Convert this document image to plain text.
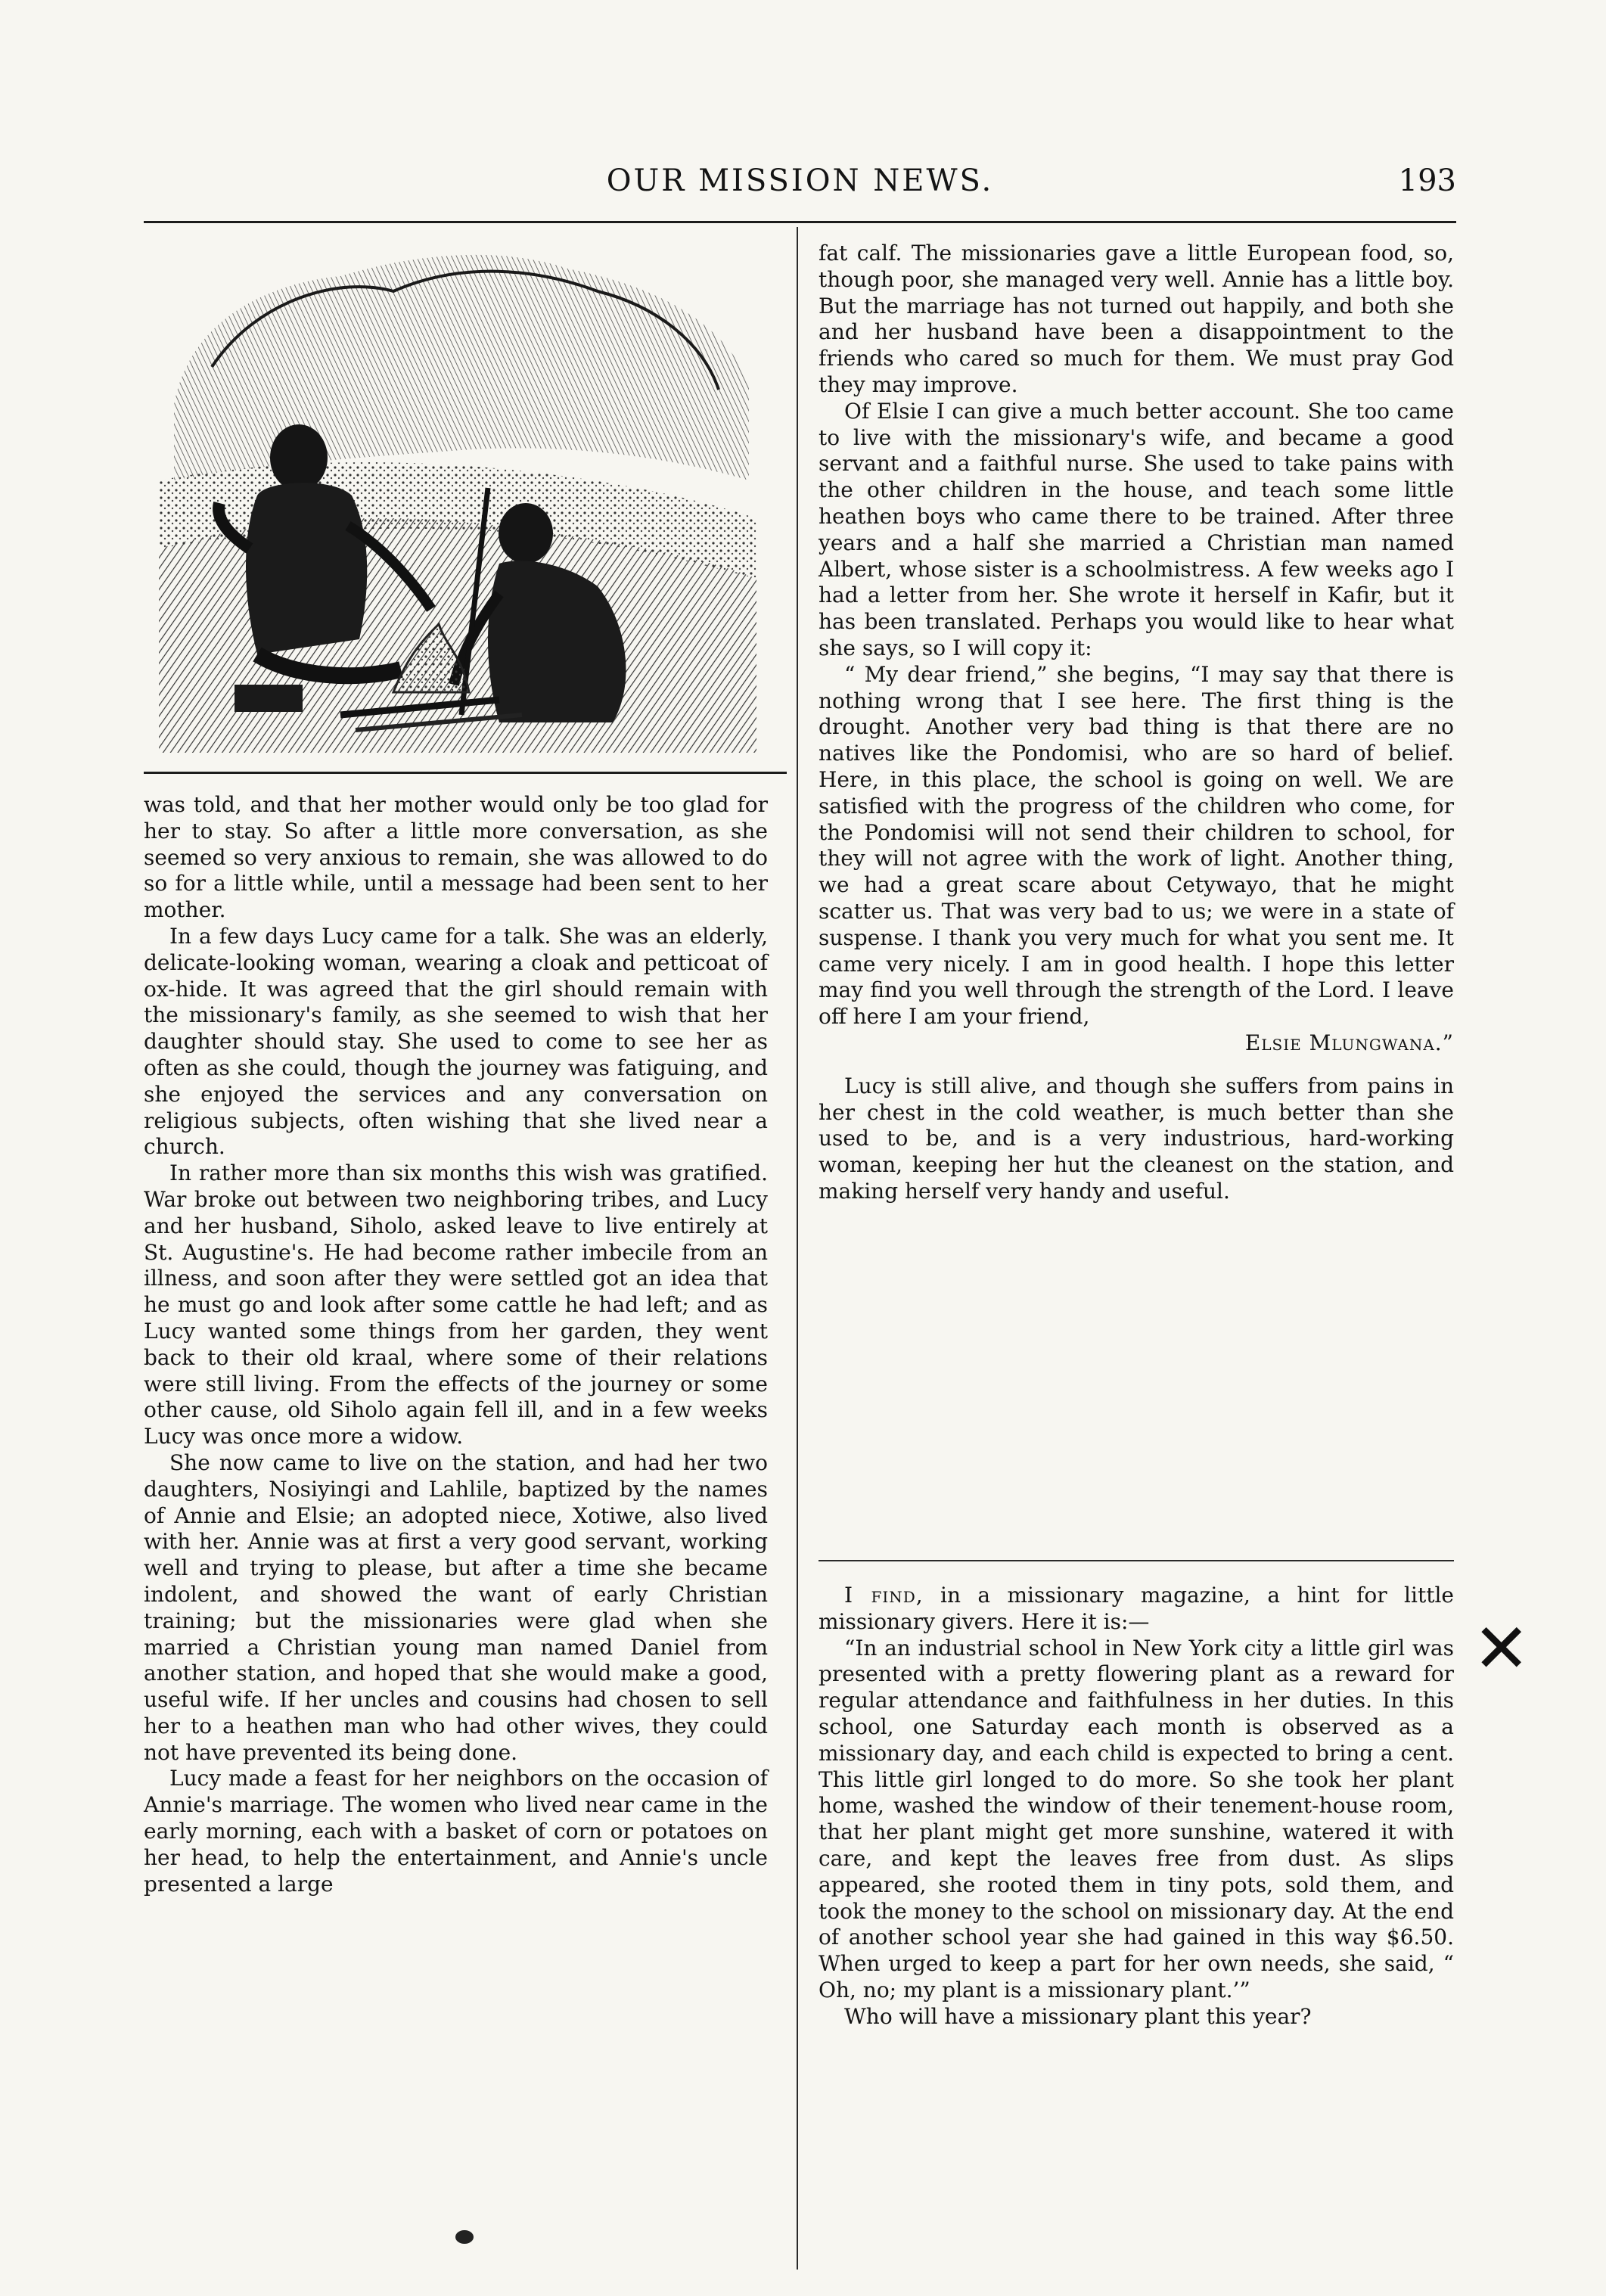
OUR MISSION NEWS.	193

was told, and that her mother would only be too glad for her to stay. So after a little more conversation, as she seemed so very anxious to remain, she was allowed to do so for a little while, until a message had been sent to her mother.

In a few days Lucy came for a talk. She was an elderly, delicate-looking woman, wearing a cloak and petticoat of ox-hide. It was agreed that the girl should remain with the missionary's family, as she seemed to wish that her daughter should stay. She used to come to see her as often as she could, though the journey was fatiguing, and she enjoyed the services and any conversation on religious subjects, often wishing that she lived near a church.

In rather more than six months this wish was gratified. War broke out between two neighboring tribes, and Lucy and her husband, Siholo, asked leave to live entirely at St. Augustine's. He had become rather imbecile from an illness, and soon after they were settled got an idea that he must go and look after some cattle he had left; and as Lucy wanted some things from her garden, they went back to their old kraal, where some of their relations were still living. From the effects of the journey or some other cause, old Siholo again fell ill, and in a few weeks Lucy was once more a widow.

She now came to live on the station, and had her two daughters, Nosiyingi and Lahlile, baptized by the names of Annie and Elsie; an adopted niece, Xotiwe, also lived with her. Annie was at first a very good servant, working well and trying to please, but after a time she became indolent, and showed the want of early Christian training; but the missionaries were glad when she married a Christian young man named Daniel from another station, and hoped that she would make a good, useful wife. If her uncles and cousins had chosen to sell her to a heathen man who had other wives, they could not have prevented its being done.

Lucy made a feast for her neighbors on the occasion of Annie's marriage. The women who lived near came in the early morning, each with a basket of corn or potatoes on her head, to help the entertainment, and Annie's uncle presented a large

fat calf. The missionaries gave a little European food, so, though poor, she managed very well. Annie has a little boy. But the marriage has not turned out happily, and both she and her husband have been a disappointment to the friends who cared so much for them. We must pray God they may improve.

Of Elsie I can give a much better account. She too came to live with the missionary's wife, and became a good servant and a faithful nurse. She used to take pains with the other children in the house, and teach some little heathen boys who came there to be trained. After three years and a half she married a Christian man named Albert, whose sister is a schoolmistress. A few weeks ago I had a letter from her. She wrote it herself in Kafir, but it has been translated. Perhaps you would like to hear what she says, so I will copy it:

“ My dear friend,” she begins, “I may say that there is nothing wrong that I see here. The first thing is the drought. Another very bad thing is that there are no natives like the Pondomisi, who are so hard of belief. Here, in this place, the school is going on well. We are satisfied with the progress of the children who come, for the Pondomisi will not send their children to school, for they will not agree with the work of light. Another thing, we had a great scare about Cetywayo, that he might scatter us. That was very bad to us; we were in a state of suspense. I thank you very much for what you sent me. It came very nicely. I am in good health. I hope this letter may find you well through the strength of the Lord. I leave off here I am your friend,

Elsie Mlungwana.”

Lucy is still alive, and though she suffers from pains in her chest in the cold weather, is much better than she used to be, and is a very industrious, hard-working woman, keeping her hut the cleanest on the station, and making herself very handy and useful.

I find, in a missionary magazine, a hint for little missionary givers. Here it is:—

“In an industrial school in New York city a little girl was presented with a pretty flowering plant as a reward for regular attendance and faithfulness in her duties. In this school, one Saturday each month is observed as a missionary day, and each child is expected to bring a cent. This little girl longed to do more. So she took her plant home, washed the window of their tenement-house room, that her plant might get more sunshine, watered it with care, and kept the leaves free from dust. As slips appeared, she rooted them in tiny pots, sold them, and took the money to the school on missionary day. At the end of another school year she had gained in this way $6.50. When urged to keep a part for her own needs, she said, “ Oh, no; my plant is a missionary plant.’”

Who will have a missionary plant this year?

✕
